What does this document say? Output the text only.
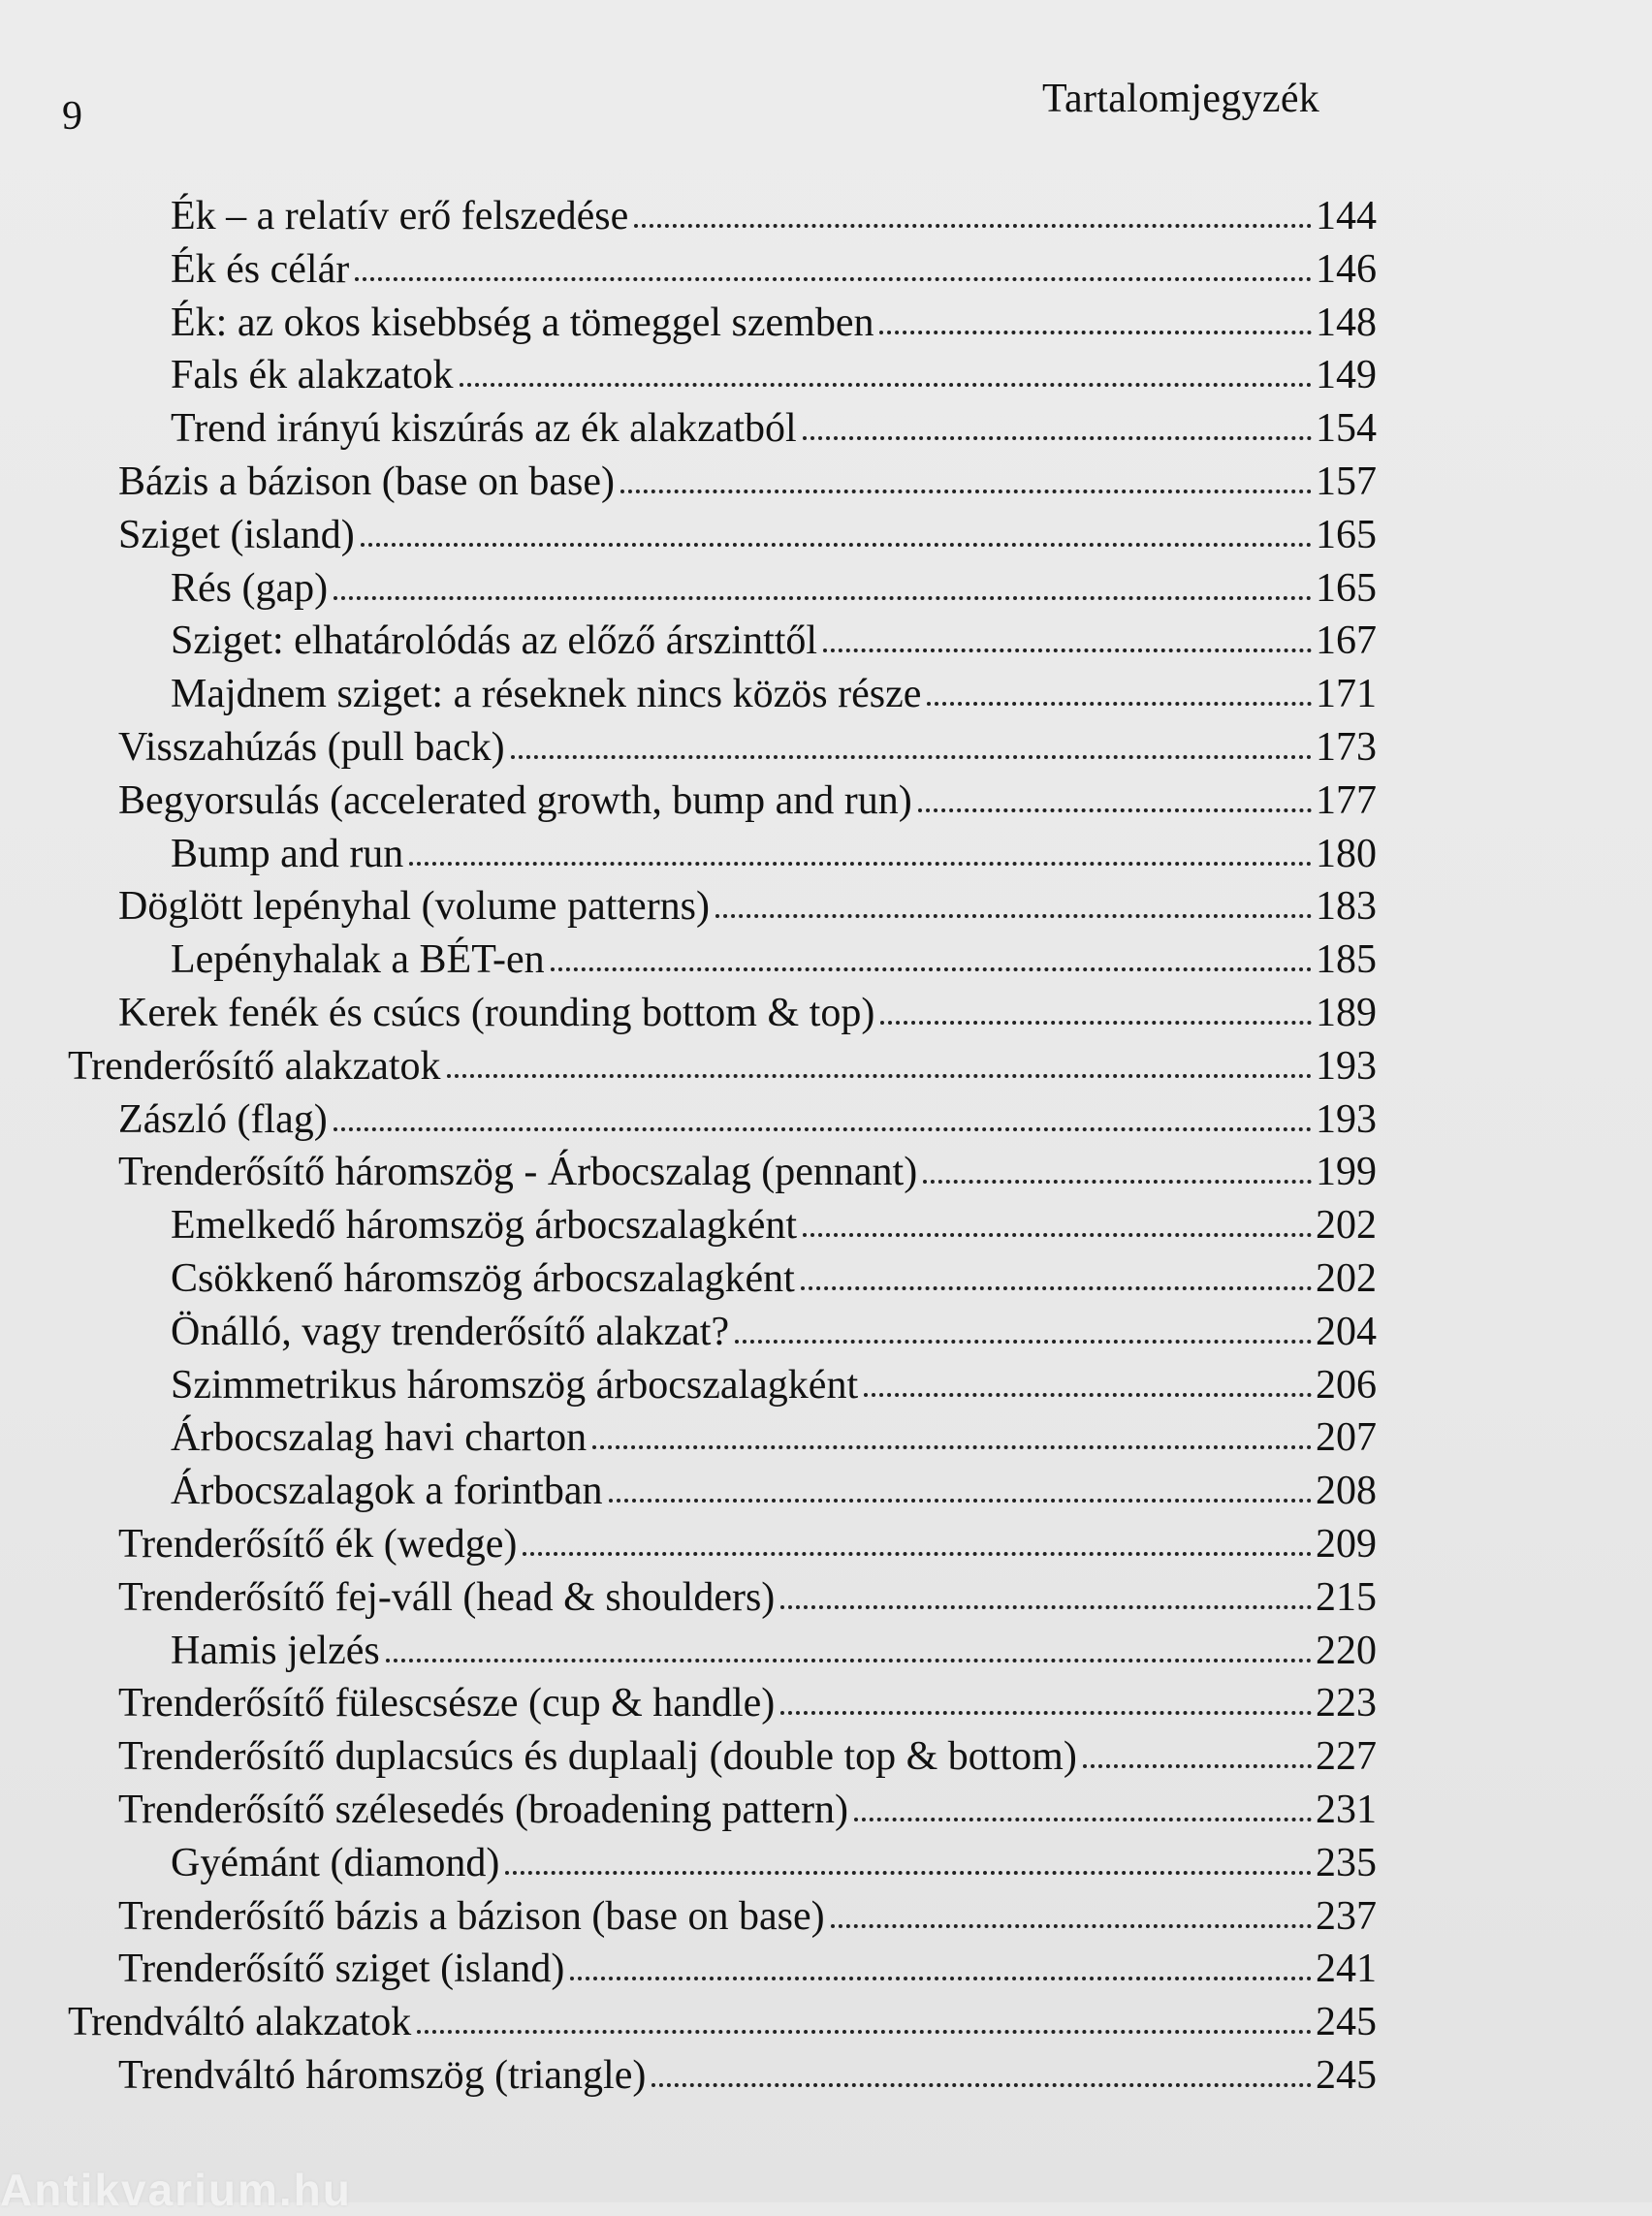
9	Tartalomjegyzék
Ék – a relatív erő felszedése	144
Ék és célár	146
Ék: az okos kisebbség a tömeggel szemben	148
Fals ék alakzatok	149
Trend irányú kiszúrás az ék alakzatból	154
Bázis a bázison (base on base)	157
Sziget (island)	165
Rés (gap)	165
Sziget: elhatárolódás az előző árszinttől	167
Majdnem sziget: a réseknek nincs közös része	171
Visszahúzás (pull back)	173
Begyorsulás (accelerated growth, bump and run)	177
Bump and run	180
Döglött lepényhal (volume patterns)	183
Lepényhalak a BÉT-en	185
Kerek fenék és csúcs (rounding bottom & top)	189
Trenderősítő alakzatok	193
Zászló (flag)	193
Trenderősítő háromszög - Árbocszalag (pennant)	199
Emelkedő háromszög árbocszalagként	202
Csökkenő háromszög árbocszalagként	202
Önálló, vagy trenderősítő alakzat?	204
Szimmetrikus háromszög árbocszalagként	206
Árbocszalag havi charton	207
Árbocszalagok a forintban	208
Trenderősítő ék (wedge)	209
Trenderősítő fej-váll (head & shoulders)	215
Hamis jelzés	220
Trenderősítő fülescsésze (cup & handle)	223
Trenderősítő duplacsúcs és duplaalj (double top & bottom)	227
Trenderősítő szélesedés (broadening pattern)	231
Gyémánt (diamond)	235
Trenderősítő bázis a bázison (base on base)	237
Trenderősítő sziget (island)	241
Trendváltó alakzatok	245
Trendváltó háromszög (triangle)	245
Antikvarium.hu
